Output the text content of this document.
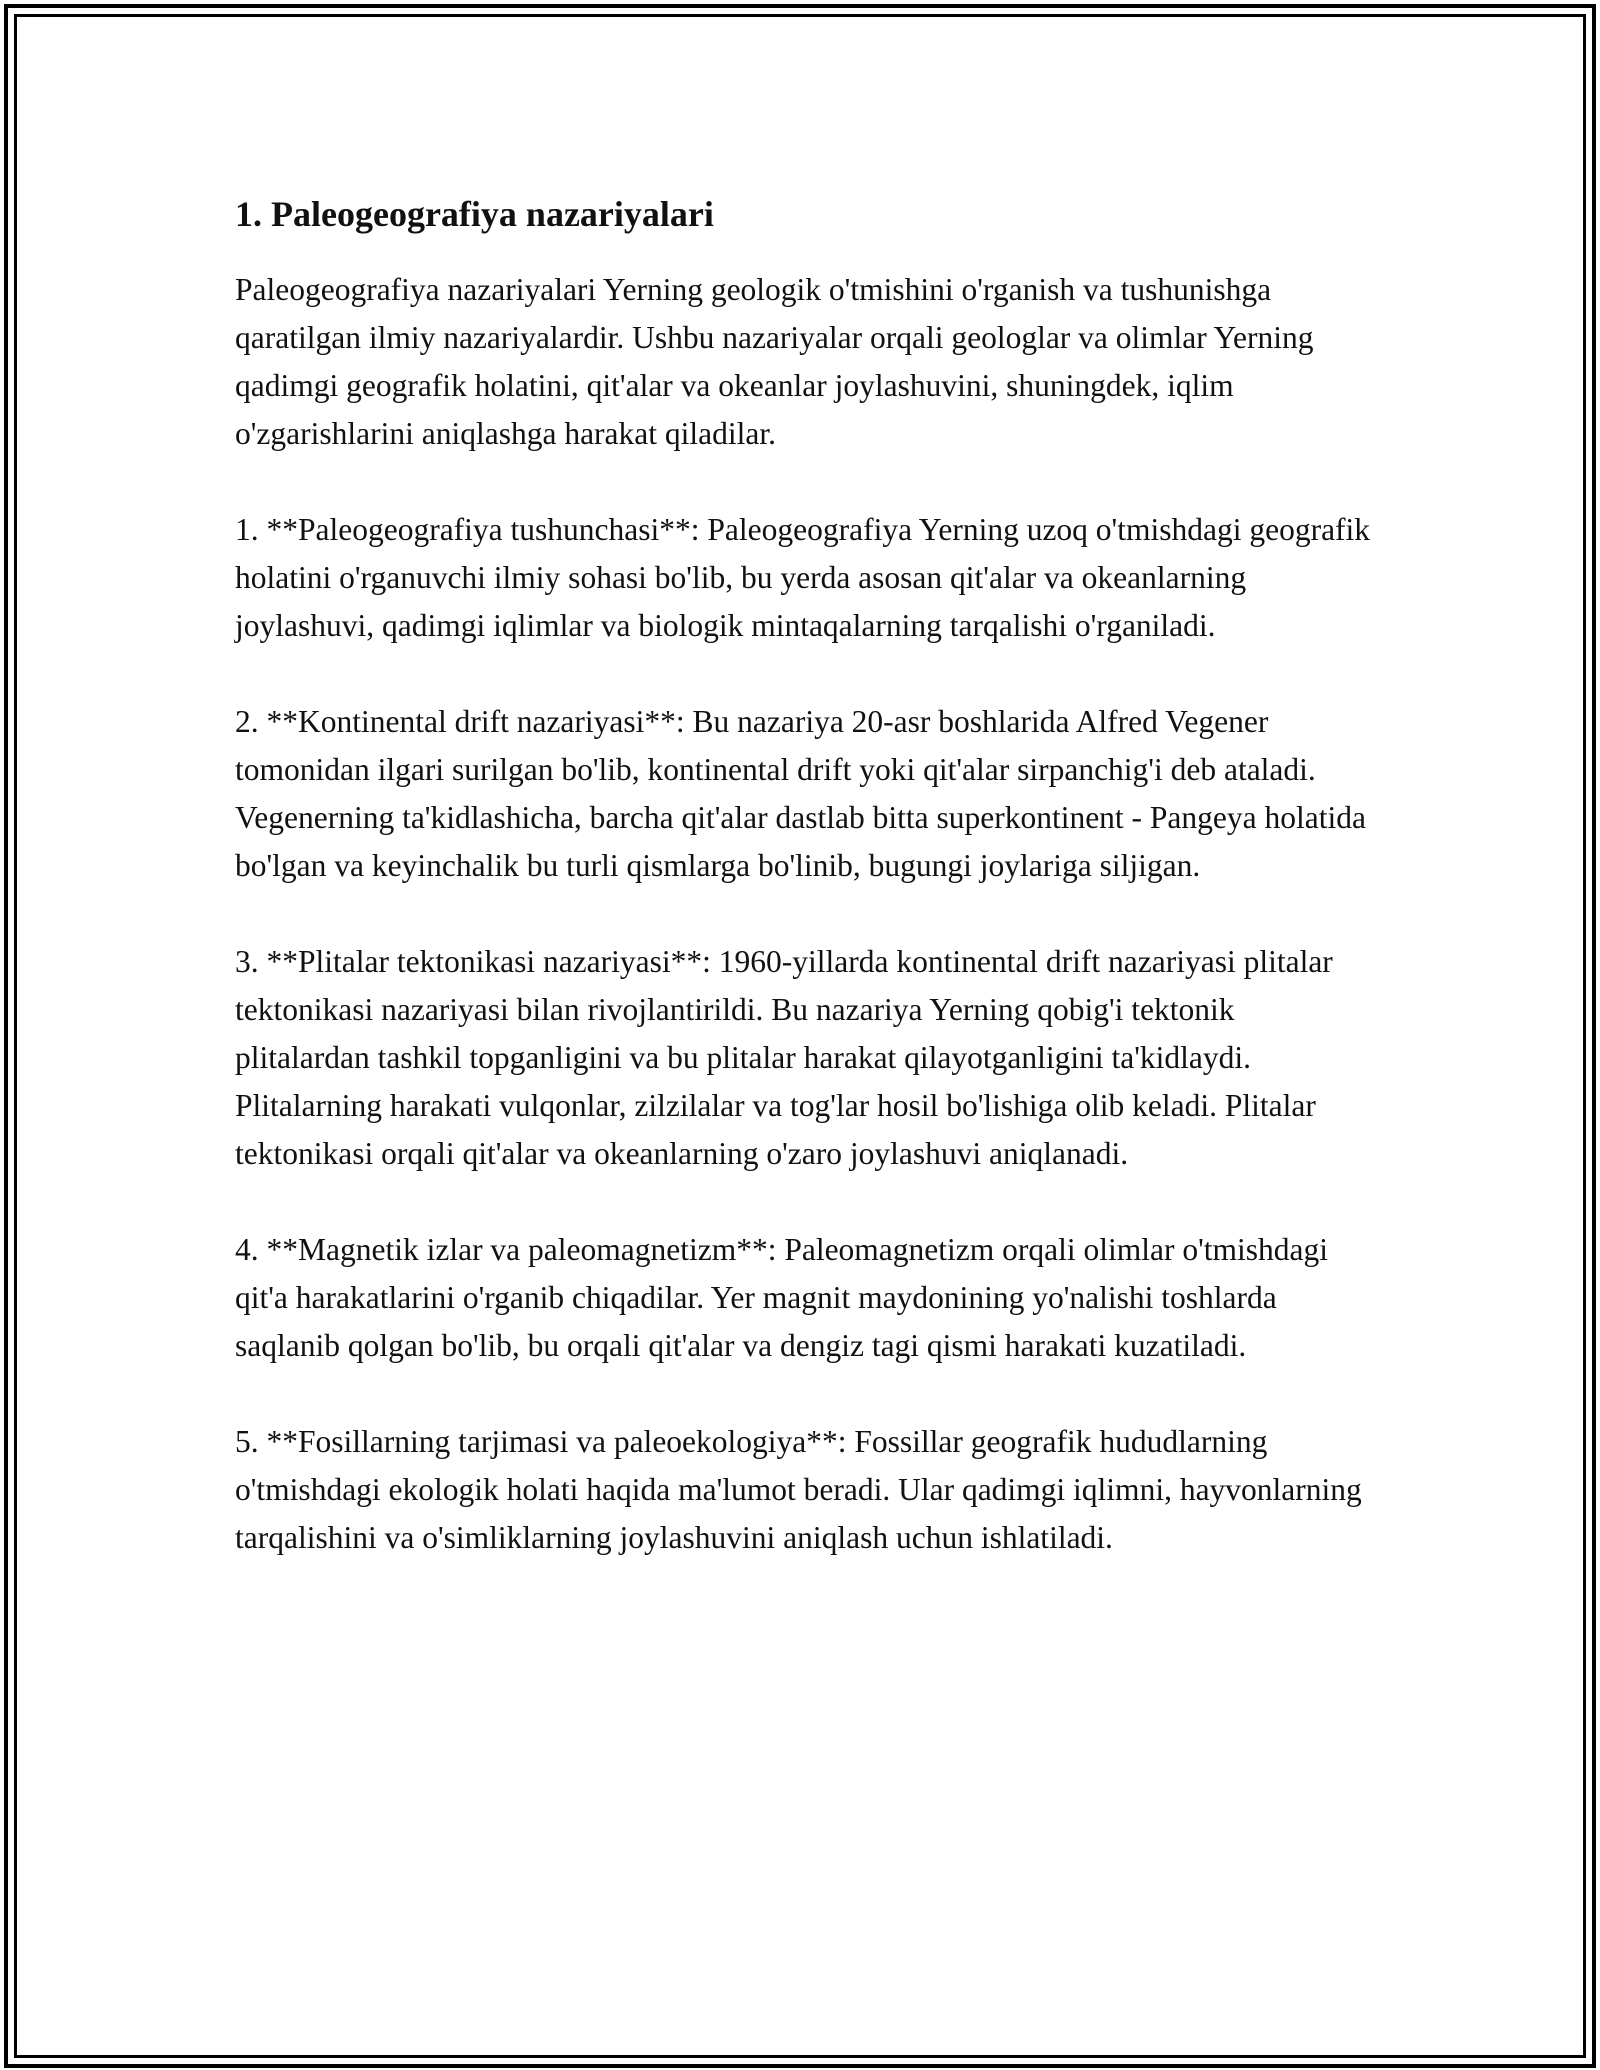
1. Paleogeografiya nazariyalari

Paleogeografiya nazariyalari Yerning geologik o'tmishini o'rganish va tushunishga qaratilgan ilmiy nazariyalardir. Ushbu nazariyalar orqali geologlar va olimlar Yerning qadimgi geografik holatini, qit'alar va okeanlar joylashuvini, shuningdek, iqlim o'zgarishlarini aniqlashga harakat qiladilar.

1. **Paleogeografiya tushunchasi**: Paleogeografiya Yerning uzoq o'tmishdagi geografik holatini o'rganuvchi ilmiy sohasi bo'lib, bu yerda asosan qit'alar va okeanlarning joylashuvi, qadimgi iqlimlar va biologik mintaqalarning tarqalishi o'rganiladi.

2. **Kontinental drift nazariyasi**: Bu nazariya 20-asr boshlarida Alfred Vegener tomonidan ilgari surilgan bo'lib, kontinental drift yoki qit'alar sirpanchig'i deb ataladi. Vegenerning ta'kidlashicha, barcha qit'alar dastlab bitta superkontinent - Pangeya holatida bo'lgan va keyinchalik bu turli qismlarga bo'linib, bugungi joylariga siljigan.

3. **Plitalar tektonikasi nazariyasi**: 1960-yillarda kontinental drift nazariyasi plitalar tektonikasi nazariyasi bilan rivojlantirildi. Bu nazariya Yerning qobig'i tektonik plitalardan tashkil topganligini va bu plitalar harakat qilayotganligini ta'kidlaydi. Plitalarning harakati vulqonlar, zilzilalar va tog'lar hosil bo'lishiga olib keladi. Plitalar tektonikasi orqali qit'alar va okeanlarning o'zaro joylashuvi aniqlanadi.

4. **Magnetik izlar va paleomagnetizm**: Paleomagnetizm orqali olimlar o'tmishdagi qit'a harakatlarini o'rganib chiqadilar. Yer magnit maydonining yo'nalishi toshlarda saqlanib qolgan bo'lib, bu orqali qit'alar va dengiz tagi qismi harakati kuzatiladi.

5. **Fosillarning tarjimasi va paleoekologiya**: Fossillar geografik hududlarning o'tmishdagi ekologik holati haqida ma'lumot beradi. Ular qadimgi iqlimni, hayvonlarning tarqalishini va o'simliklarning joylashuvini aniqlash uchun ishlatiladi.
